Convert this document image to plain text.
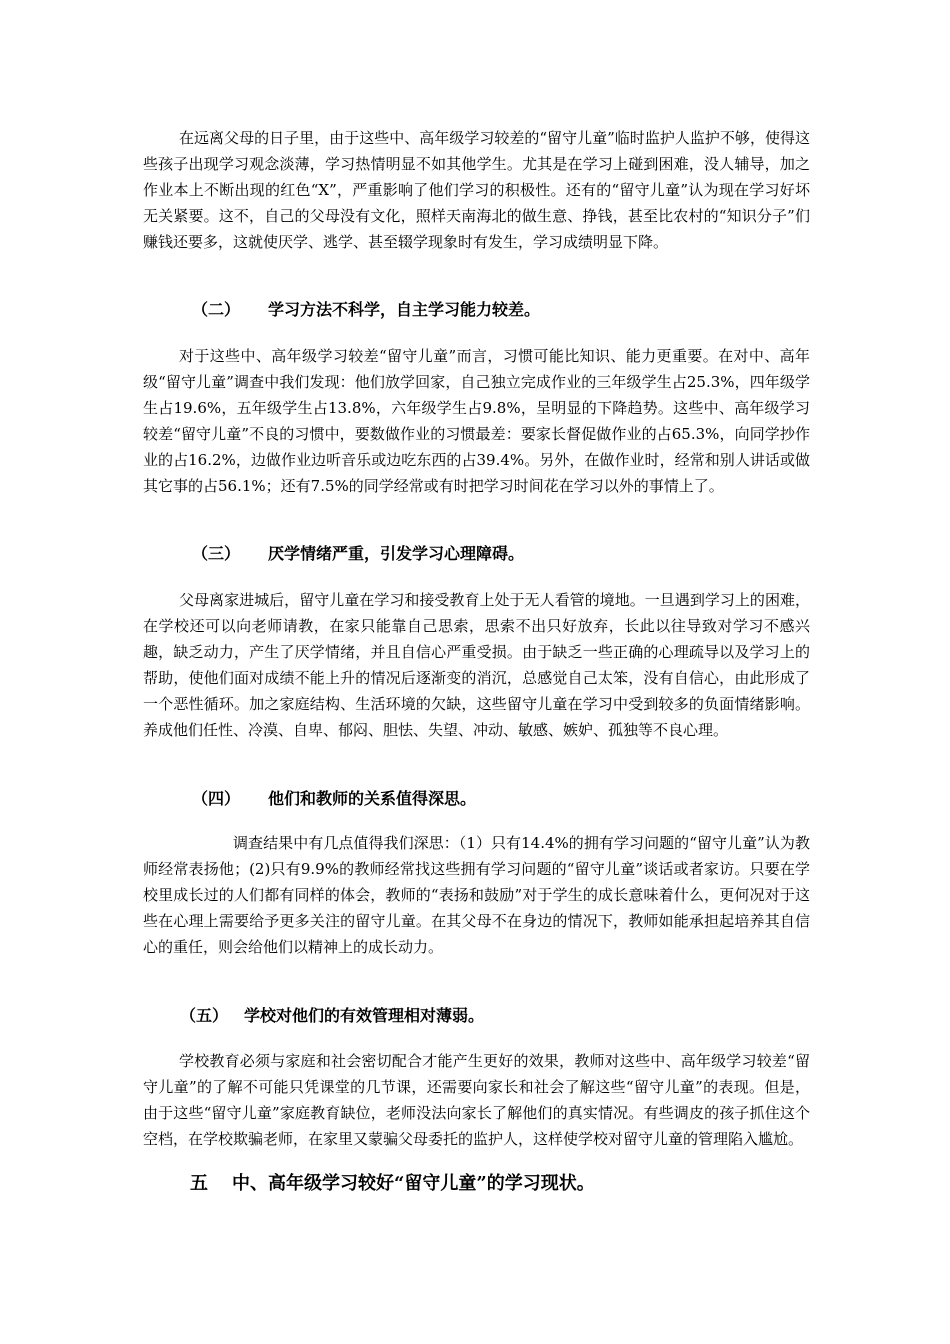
在远离父母的日子里，由于这些中、高年级学习较差的“留守儿童”临时监护人监护不够，使得这些孩子出现学习观念淡薄，学习热情明显不如其他学生。尤其是在学习上碰到困难，没人辅导，加之作业本上不断出现的红色“X”，严重影响了他们学习的积极性。还有的“留守儿童”认为现在学习好坏无关紧要。这不，自己的父母没有文化，照样天南海北的做生意、挣钱，甚至比农村的“知识分子”们赚钱还要多，这就使厌学、逃学、甚至辍学现象时有发生，学习成绩明显下降。

（二） 学习方法不科学，自主学习能力较差。

对于这些中、高年级学习较差“留守儿童”而言，习惯可能比知识、能力更重要。在对中、高年级“留守儿童”调查中我们发现：他们放学回家，自己独立完成作业的三年级学生占25.3%，四年级学生占19.6%，五年级学生占13.8%，六年级学生占9.8%，呈明显的下降趋势。这些中、高年级学习较差“留守儿童”不良的习惯中，要数做作业的习惯最差：要家长督促做作业的占65.3%，向同学抄作业的占16.2%，边做作业边听音乐或边吃东西的占39.4%。另外，在做作业时，经常和别人讲话或做其它事的占56.1%；还有7.5%的同学经常或有时把学习时间花在学习以外的事情上了。

（三） 厌学情绪严重，引发学习心理障碍。

父母离家进城后，留守儿童在学习和接受教育上处于无人看管的境地。一旦遇到学习上的困难，在学校还可以向老师请教，在家只能靠自己思索，思索不出只好放弃，长此以往导致对学习不感兴趣，缺乏动力，产生了厌学情绪，并且自信心严重受损。由于缺乏一些正确的心理疏导以及学习上的帮助，使他们面对成绩不能上升的情况后逐渐变的消沉，总感觉自己太笨，没有自信心，由此形成了一个恶性循环。加之家庭结构、生活环境的欠缺，这些留守儿童在学习中受到较多的负面情绪影响。养成他们任性、冷漠、自卑、郁闷、胆怯、失望、冲动、敏感、嫉妒、孤独等不良心理。

（四） 他们和教师的关系值得深思。

调查结果中有几点值得我们深思：（1）只有14.4%的拥有学习问题的“留守儿童”认为教师经常表扬他；(2)只有9.9%的教师经常找这些拥有学习问题的“留守儿童”谈话或者家访。只要在学校里成长过的人们都有同样的体会，教师的“表扬和鼓励”对于学生的成长意味着什么，更何况对于这些在心理上需要给予更多关注的留守儿童。在其父母不在身边的情况下，教师如能承担起培养其自信心的重任，则会给他们以精神上的成长动力。

（五） 学校对他们的有效管理相对薄弱。

学校教育必须与家庭和社会密切配合才能产生更好的效果，教师对这些中、高年级学习较差“留守儿童”的了解不可能只凭课堂的几节课，还需要向家长和社会了解这些“留守儿童”的表现。但是，由于这些“留守儿童”家庭教育缺位，老师没法向家长了解他们的真实情况。有些调皮的孩子抓住这个空档，在学校欺骗老师，在家里又蒙骗父母委托的监护人，这样使学校对留守儿童的管理陷入尴尬。

五 中、高年级学习较好“留守儿童”的学习现状。
